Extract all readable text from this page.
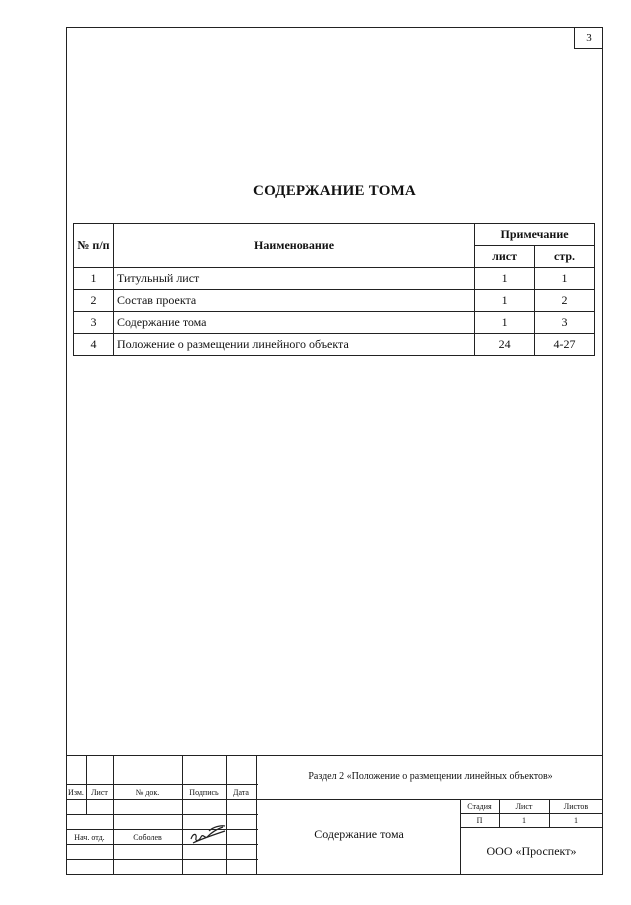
3
СОДЕРЖАНИЕ ТОМА
№ п/п	Наименование	Примечание	
		лист	стр.
1	Титульный лист	1	1
2	Состав проекта	1	2
3	Содержание тома	1	3
4	Положение о размещении линейного объекта	24	4-27
Изм. Лист	№ док.	Подпись	Дата
Нач. отд.	Соболев
Раздел 2 «Положение о размещении линейных объектов»
Содержание тома
Стадия	Лист	Листов
П	1	1
ООО «Проспект»
